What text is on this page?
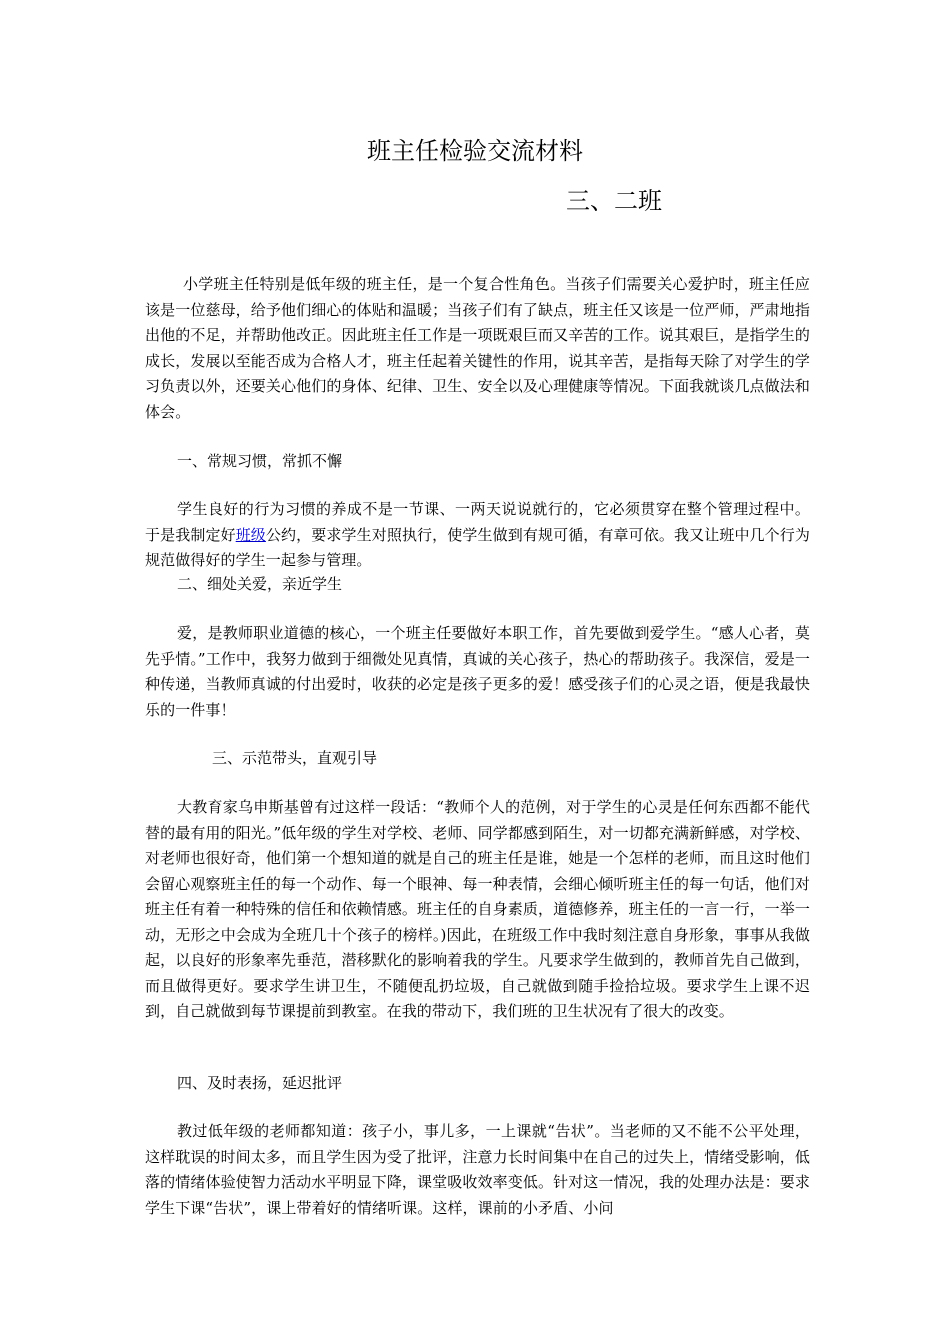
班主任检验交流材料
三、二班

小学班主任特别是低年级的班主任，是一个复合性角色。当孩子们需要关心爱护时，班主任应该是一位慈母，给予他们细心的体贴和温暖；当孩子们有了缺点，班主任又该是一位严师，严肃地指出他的不足，并帮助他改正。因此班主任工作是一项既艰巨而又辛苦的工作。说其艰巨，是指学生的成长，发展以至能否成为合格人才，班主任起着关键性的作用，说其辛苦，是指每天除了对学生的学习负责以外，还要关心他们的身体、纪律、卫生、安全以及心理健康等情况。下面我就谈几点做法和体会。

一、常规习惯，常抓不懈

学生良好的行为习惯的养成不是一节课、一两天说说就行的，它必须贯穿在整个管理过程中。于是我制定好班级公约，要求学生对照执行，使学生做到有规可循，有章可依。我又让班中几个行为规范做得好的学生一起参与管理。

二、细处关爱，亲近学生

爱，是教师职业道德的核心，一个班主任要做好本职工作，首先要做到爱学生。“感人心者，莫先乎情。”工作中，我努力做到于细微处见真情，真诚的关心孩子，热心的帮助孩子。我深信，爱是一种传递，当教师真诚的付出爱时，收获的必定是孩子更多的爱！感受孩子们的心灵之语，便是我最快乐的一件事！

三、示范带头，直观引导

大教育家乌申斯基曾有过这样一段话：“教师个人的范例，对于学生的心灵是任何东西都不能代替的最有用的阳光。”低年级的学生对学校、老师、同学都感到陌生，对一切都充满新鲜感，对学校、对老师也很好奇，他们第一个想知道的就是自己的班主任是谁，她是一个怎样的老师，而且这时他们会留心观察班主任的每一个动作、每一个眼神、每一种表情，会细心倾听班主任的每一句话，他们对班主任有着一种特殊的信任和依赖情感。班主任的自身素质，道德修养，班主任的一言一行，一举一动，无形之中会成为全班几十个孩子的榜样。)因此，在班级工作中我时刻注意自身形象，事事从我做起，以良好的形象率先垂范，潜移默化的影响着我的学生。凡要求学生做到的，教师首先自己做到，而且做得更好。要求学生讲卫生，不随便乱扔垃圾，自己就做到随手捡拾垃圾。要求学生上课不迟到，自己就做到每节课提前到教室。在我的带动下，我们班的卫生状况有了很大的改变。

四、及时表扬，延迟批评

教过低年级的老师都知道：孩子小，事儿多，一上课就“告状”。当老师的又不能不公平处理，这样耽误的时间太多，而且学生因为受了批评，注意力长时间集中在自己的过失上，情绪受影响，低落的情绪体验使智力活动水平明显下降，课堂吸收效率变低。针对这一情况，我的处理办法是：要求学生下课“告状”，课上带着好的情绪听课。这样，课前的小矛盾、小问
